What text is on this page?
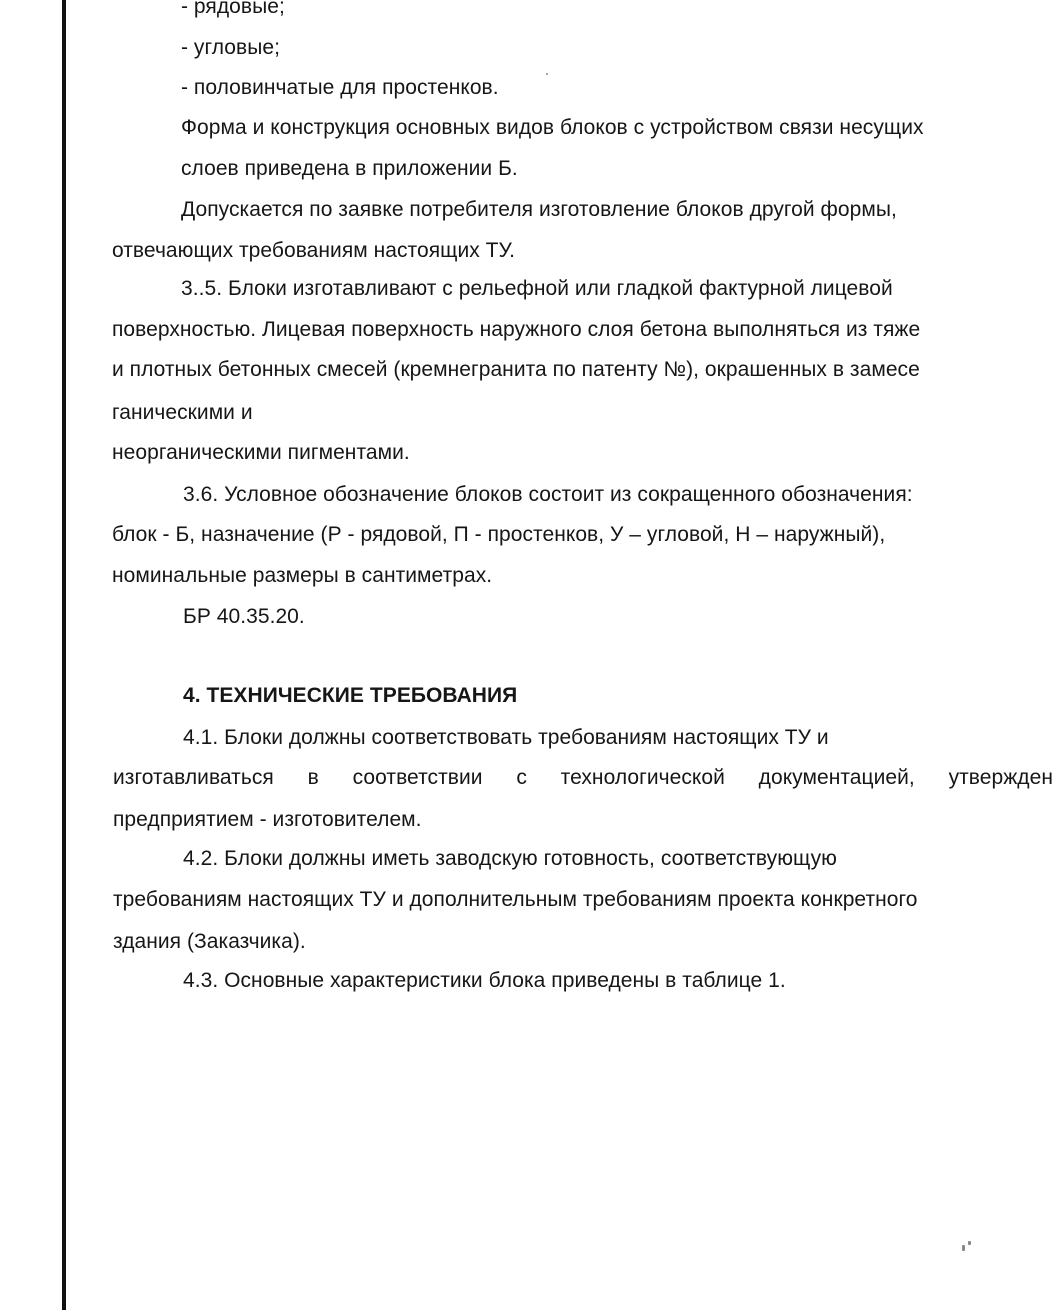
- рядовые;

- угловые;

- половинчатые для простенков.

Форма и конструкция основных видов блоков с устройством связи несущих

слоев приведена в приложении Б.

Допускается по заявке потребителя изготовление блоков другой формы,

отвечающих требованиям настоящих ТУ.

3..5. Блоки изготавливают с рельефной или гладкой фактурной лицевой

поверхностью. Лицевая поверхность наружного слоя бетона выполняться из тяже

и плотных бетонных смесей (кремнегранита по патенту №), окрашенных в замесе

ганическими и

неорганическими пигментами.

3.6. Условное обозначение блоков состоит из сокращенного обозначения:

блок - Б, назначение (Р - рядовой, П - простенков, У – угловой, Н – наружный),

номинальные размеры в сантиметрах.

БР 40.35.20.

4. ТЕХНИЧЕСКИЕ ТРЕБОВАНИЯ

4.1. Блоки должны соответствовать требованиям настоящих ТУ и

изготавливаться в соответствии с технологической документацией, утвержден

предприятием - изготовителем.

4.2. Блоки должны иметь заводскую готовность, соответствующую

требованиям настоящих ТУ и дополнительным требованиям проекта конкретного

здания (Заказчика).

4.3. Основные характеристики блока приведены в таблице 1.
